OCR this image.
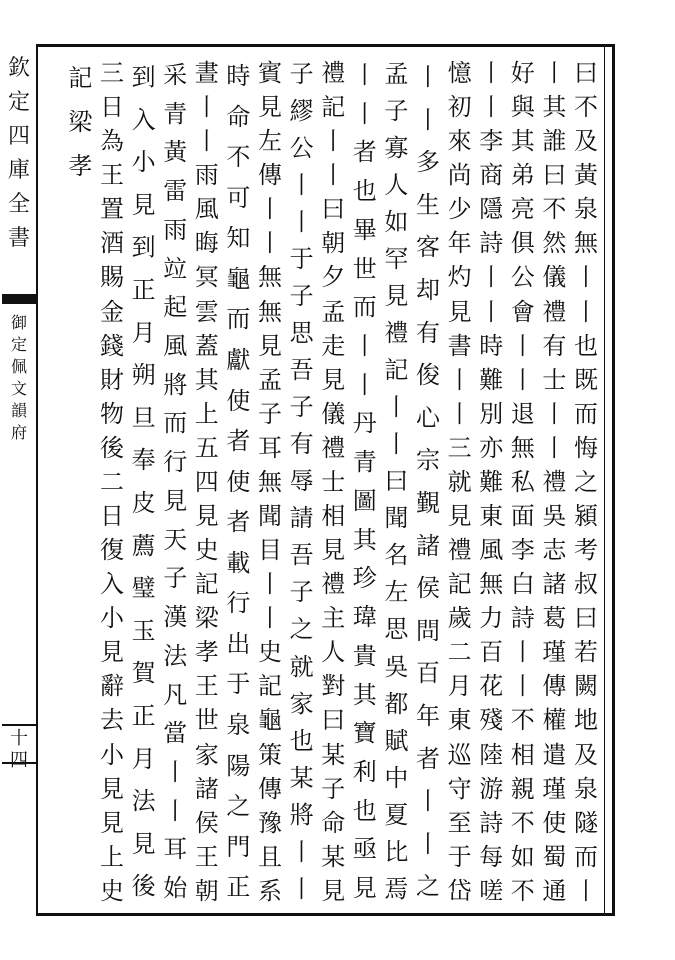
欽
定
四
庫
全
書
御
定
佩
文
韻
府
十
四
曰
不
及
黃
泉
無
丨
丨
也
既
而
悔
之
潁
考
叔
曰
若
闕
地
及
泉
隧
而
丨
丨
其
誰
曰
不
然
儀
禮
有
士
丨
丨
禮
吳
志
諸
葛
瑾
傳
權
遣
瑾
使
蜀
通
好
與
其
弟
亮
俱
公
會
丨
丨
退
無
私
面
李
白
詩
丨
丨
不
相
親
不
如
不
丨
丨
李
商
隱
詩
丨
丨
時
難
別
亦
難
東
風
無
力
百
花
殘
陸
游
詩
每
嗟
憶
初
來
尚
少
年
灼
見
書
丨
丨
三
就
見
禮
記
歲
二
月
東
巡
守
至
于
岱
丨
丨
多
生
客
却
有
俊
心
宗
覲
諸
侯
問
百
年
者
丨
丨
之
孟
子
寡
人
如
罕
見
禮
記
丨
丨
曰
聞
名
左
思
吳
都
賦
中
夏
比
焉
丨
丨
者
也
畢
世
而
丨
丨
丹
青
圖
其
珍
瑋
貴
其
寶
利
也
亟
見
禮
記
丨
丨
曰
朝
夕
孟
走
見
儀
禮
士
相
見
禮
主
人
對
曰
某
子
命
某
見
子
繆
公
丨
丨
于
子
思
吾
子
有
辱
請
吾
子
之
就
家
也
某
將
丨
丨
賓
見
左
傳
丨
丨
無
無
見
孟
子
耳
無
聞
目
丨
丨
史
記
龜
策
傳
豫
且
系
時
命
不
可
知
龜
而
獻
使
者
使
者
載
行
出
于
泉
陽
之
門
正
晝
丨
丨
雨
風
晦
冥
雲
蓋
其
上
五
四
見
史
記
梁
孝
王
世
家
諸
侯
王
朝
采
青
黃
雷
雨
竝
起
風
將
而
行
見
天
子
漢
法
凡
當
丨
丨
耳
始
到
入
小
見
到
正
月
朔
旦
奉
皮
薦
璧
玉
賀
正
月
法
見
後
三
日
為
王
置
酒
賜
金
錢
財
物
後
二
日
復
入
小
見
辭
去
小
見
見
上
史
記
梁
孝
